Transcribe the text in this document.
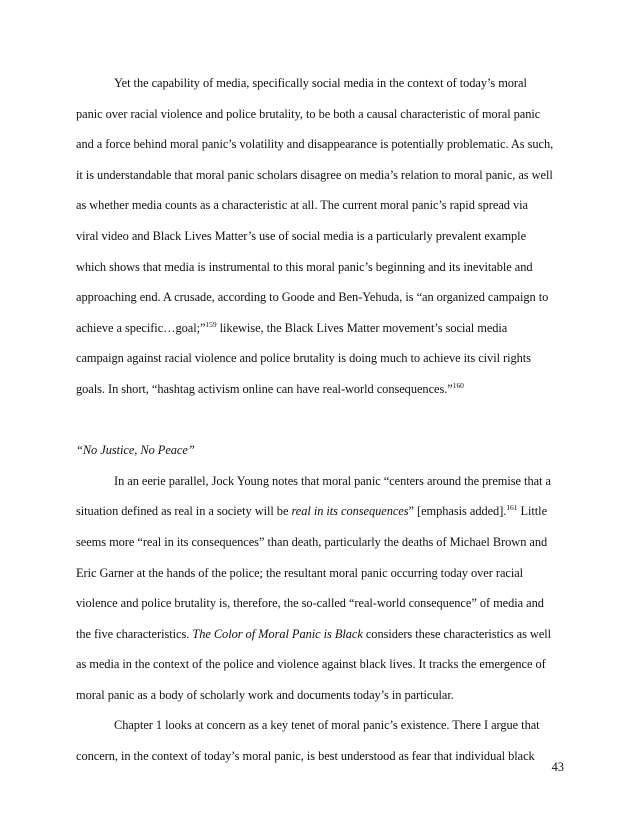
Yet the capability of media, specifically social media in the context of today’s moral
panic over racial violence and police brutality, to be both a causal characteristic of moral panic
and a force behind moral panic’s volatility and disappearance is potentially problematic. As such,
it is understandable that moral panic scholars disagree on media’s relation to moral panic, as well
as whether media counts as a characteristic at all. The current moral panic’s rapid spread via
viral video and Black Lives Matter’s use of social media is a particularly prevalent example
which shows that media is instrumental to this moral panic’s beginning and its inevitable and
approaching end. A crusade, according to Goode and Ben-Yehuda, is “an organized campaign to
achieve a specific…goal;”$^{159}$ likewise, the Black Lives Matter movement’s social media
campaign against racial violence and police brutality is doing much to achieve its civil rights
goals. In short, “hashtag activism online can have real-world consequences.”$^{160}$
“No Justice, No Peace”
In an eerie parallel, Jock Young notes that moral panic “centers around the premise that a
situation defined as real in a society will be real in its consequences” [emphasis added].$^{161}$ Little
seems more “real in its consequences” than death, particularly the deaths of Michael Brown and
Eric Garner at the hands of the police; the resultant moral panic occurring today over racial
violence and police brutality is, therefore, the so-called “real-world consequence” of media and
the five characteristics. The Color of Moral Panic is Black considers these characteristics as well
as media in the context of the police and violence against black lives. It tracks the emergence of
moral panic as a body of scholarly work and documents today’s in particular.
Chapter 1 looks at concern as a key tenet of moral panic’s existence. There I argue that
concern, in the context of today’s moral panic, is best understood as fear that individual black
43
